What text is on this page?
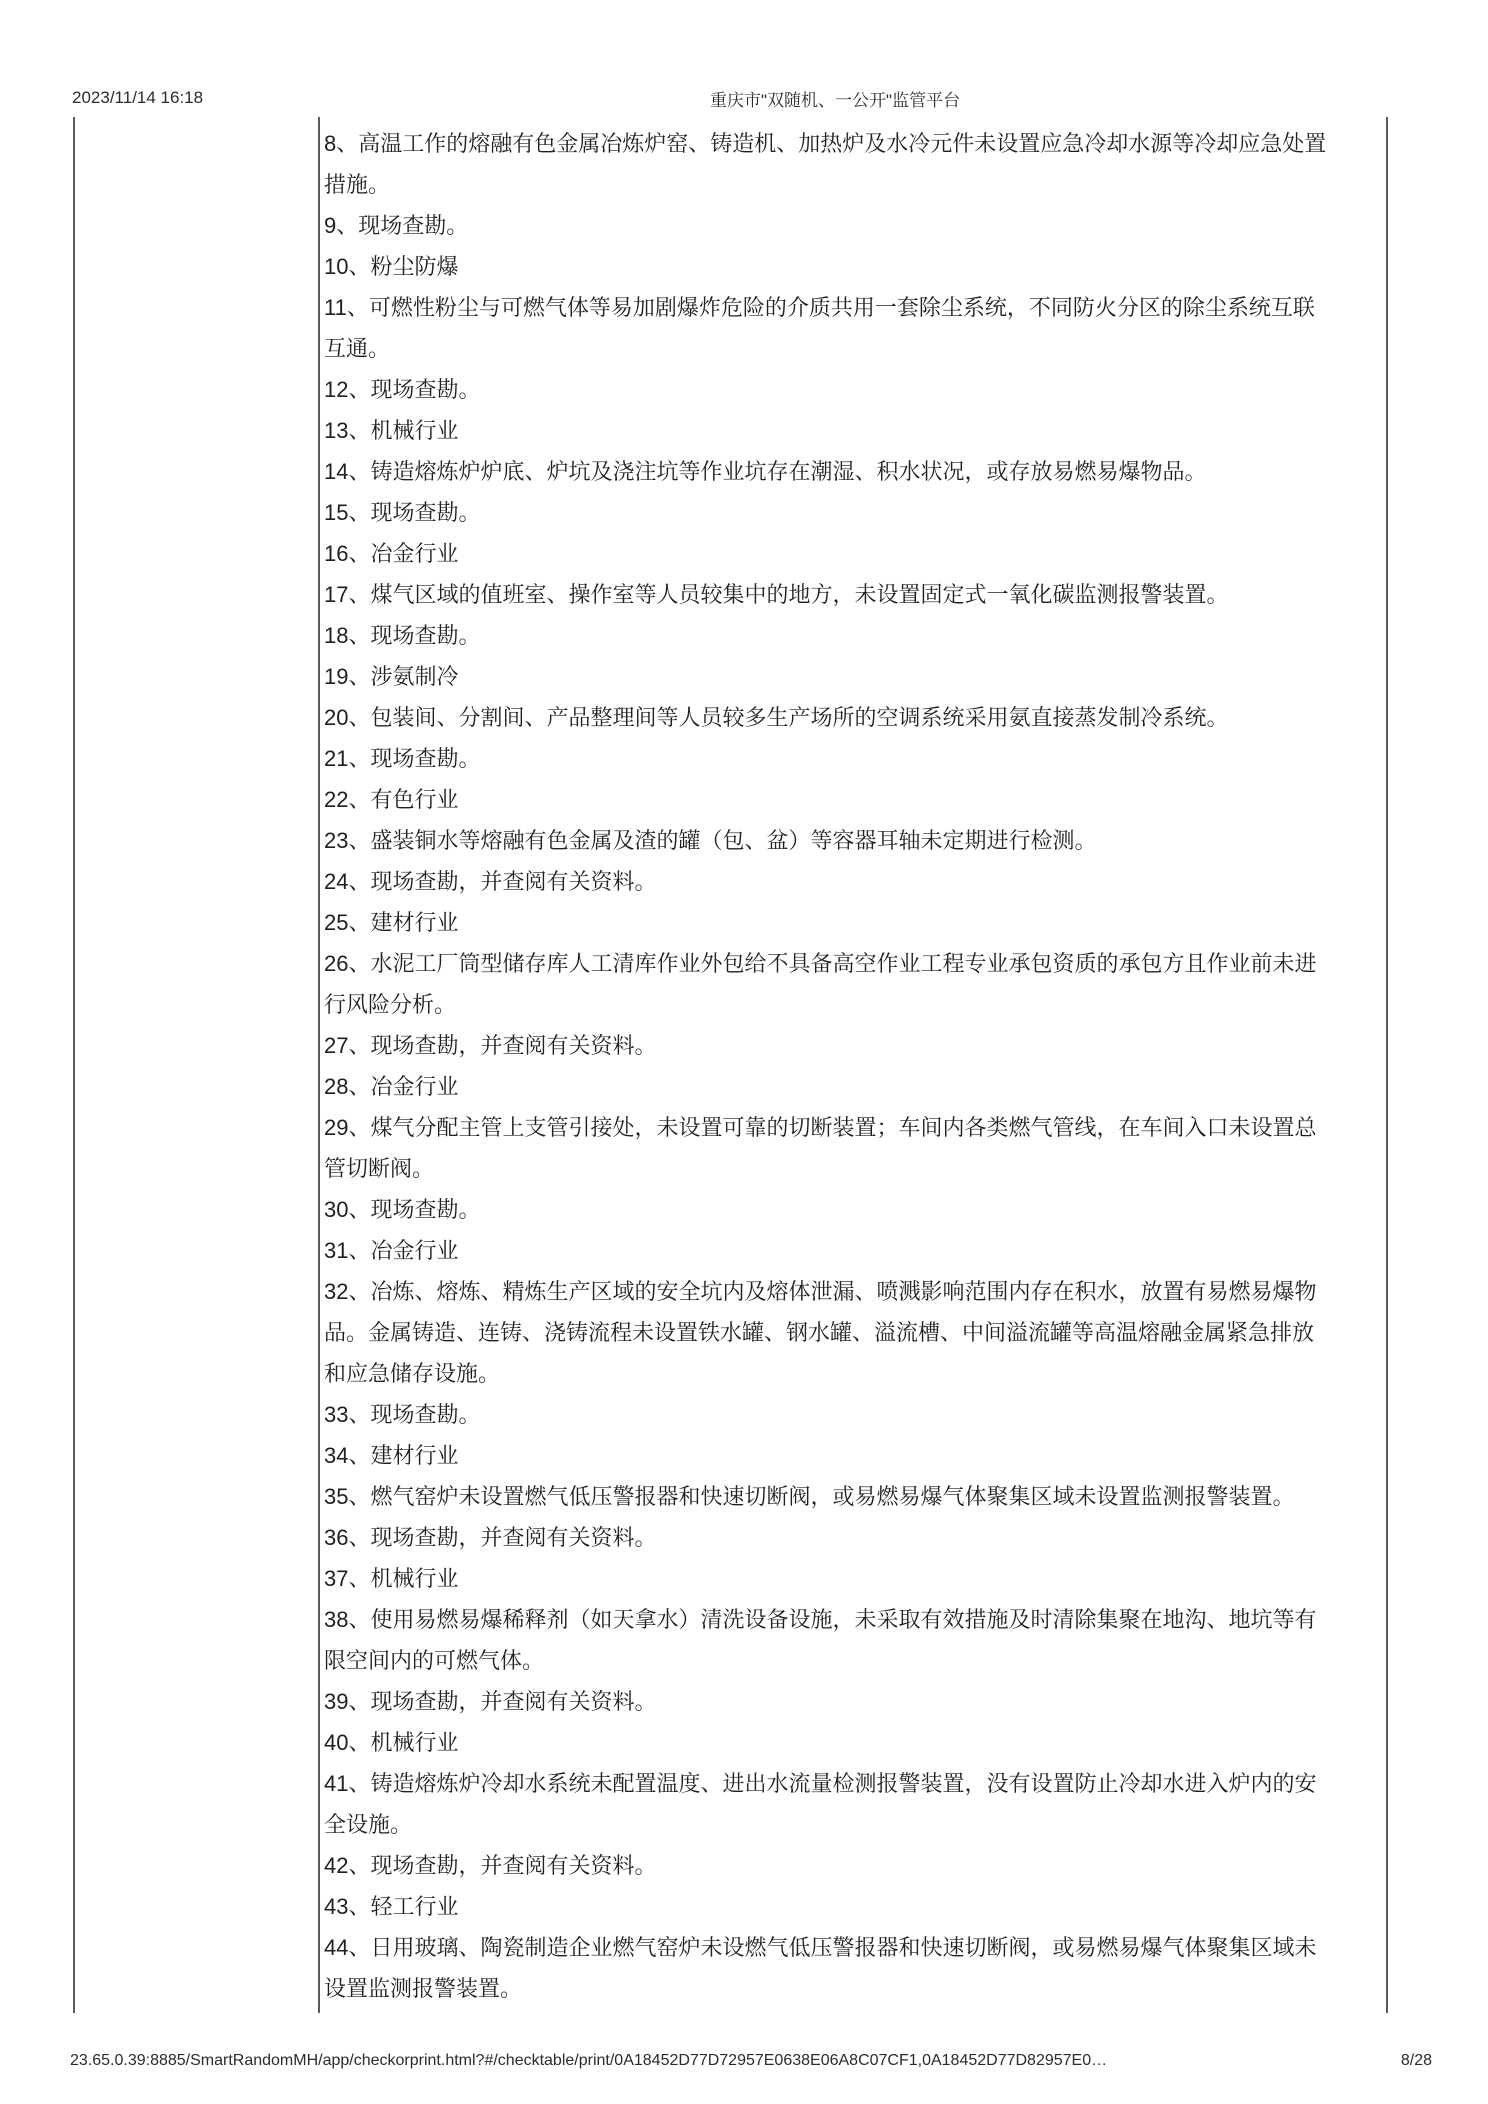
2023/11/14 16:18	重庆市"双随机、一公开"监管平台
8、高温工作的熔融有色金属冶炼炉窑、铸造机、加热炉及水冷元件未设置应急冷却水源等冷却应急处置
措施。
9、现场查勘。
10、粉尘防爆
11、可燃性粉尘与可燃气体等易加剧爆炸危险的介质共用一套除尘系统，不同防火分区的除尘系统互联
互通。
12、现场查勘。
13、机械行业
14、铸造熔炼炉炉底、炉坑及浇注坑等作业坑存在潮湿、积水状况，或存放易燃易爆物品。
15、现场查勘。
16、冶金行业
17、煤气区域的值班室、操作室等人员较集中的地方，未设置固定式一氧化碳监测报警装置。
18、现场查勘。
19、涉氨制冷
20、包装间、分割间、产品整理间等人员较多生产场所的空调系统采用氨直接蒸发制冷系统。
21、现场查勘。
22、有色行业
23、盛装铜水等熔融有色金属及渣的罐（包、盆）等容器耳轴未定期进行检测。
24、现场查勘，并查阅有关资料。
25、建材行业
26、水泥工厂筒型储存库人工清库作业外包给不具备高空作业工程专业承包资质的承包方且作业前未进
行风险分析。
27、现场查勘，并查阅有关资料。
28、冶金行业
29、煤气分配主管上支管引接处，未设置可靠的切断装置；车间内各类燃气管线，在车间入口未设置总
管切断阀。
30、现场查勘。
31、冶金行业
32、冶炼、熔炼、精炼生产区域的安全坑内及熔体泄漏、喷溅影响范围内存在积水，放置有易燃易爆物
品。金属铸造、连铸、浇铸流程未设置铁水罐、钢水罐、溢流槽、中间溢流罐等高温熔融金属紧急排放
和应急储存设施。
33、现场查勘。
34、建材行业
35、燃气窑炉未设置燃气低压警报器和快速切断阀，或易燃易爆气体聚集区域未设置监测报警装置。
36、现场查勘，并查阅有关资料。
37、机械行业
38、使用易燃易爆稀释剂（如天拿水）清洗设备设施，未采取有效措施及时清除集聚在地沟、地坑等有
限空间内的可燃气体。
39、现场查勘，并查阅有关资料。
40、机械行业
41、铸造熔炼炉冷却水系统未配置温度、进出水流量检测报警装置，没有设置防止冷却水进入炉内的安
全设施。
42、现场查勘，并查阅有关资料。
43、轻工行业
44、日用玻璃、陶瓷制造企业燃气窑炉未设燃气低压警报器和快速切断阀，或易燃易爆气体聚集区域未
设置监测报警装置。
23.65.0.39:8885/SmartRandomMH/app/checkorprint.html?#/checktable/print/0A18452D77D72957E0638E06A8C07CF1,0A18452D77D82957E0…	8/28
